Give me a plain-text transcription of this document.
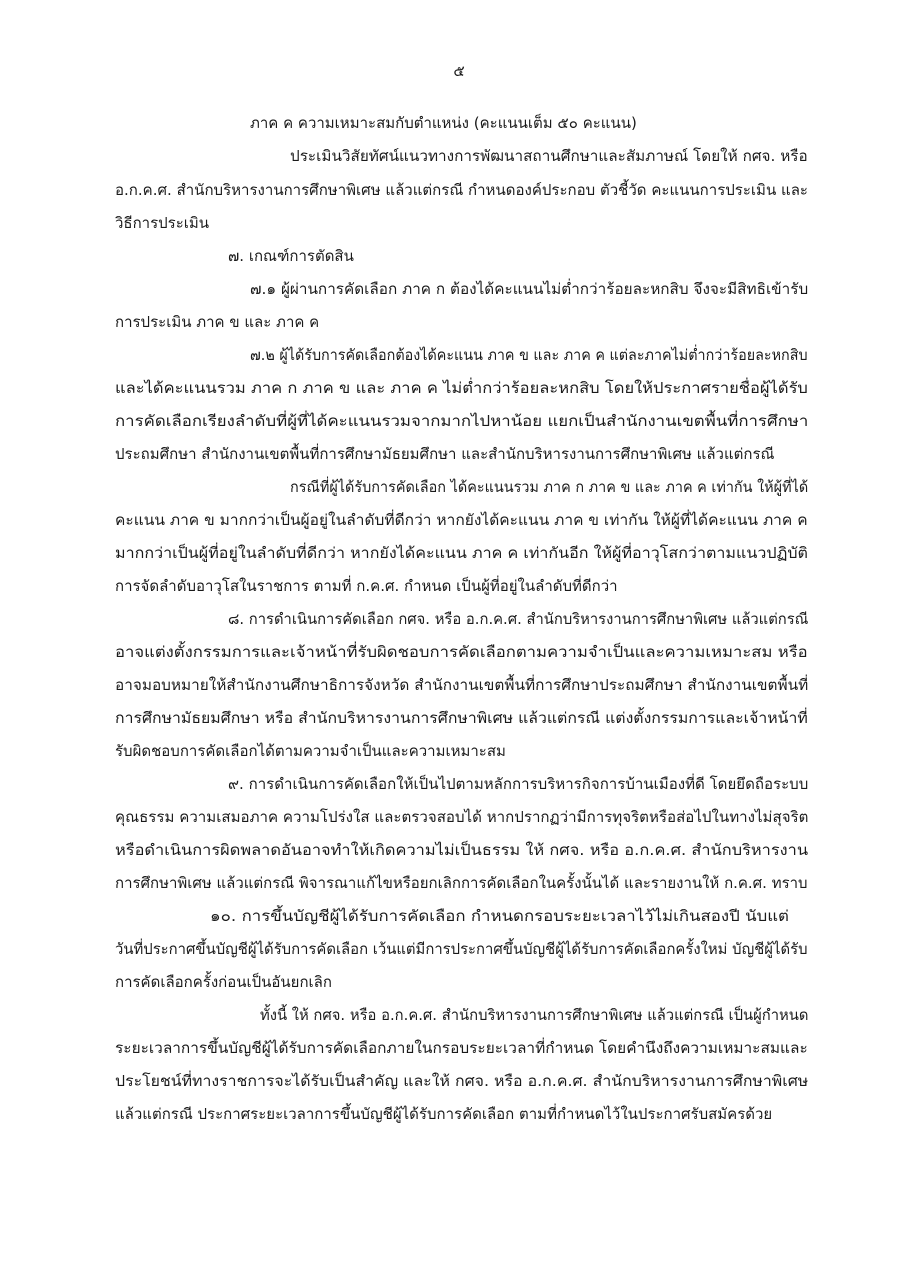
๕
ภาค ค ความเหมาะสมกับตำแหน่ง (คะแนนเต็ม ๕๐ คะแนน)
ประเมินวิสัยทัศน์แนวทางการพัฒนาสถานศึกษาและสัมภาษณ์ โดยให้ กศจ. หรือ
อ.ก.ค.ศ. สำนักบริหารงานการศึกษาพิเศษ แล้วแต่กรณี กำหนดองค์ประกอบ ตัวชี้วัด คะแนนการประเมิน และ
วิธีการประเมิน
๗. เกณฑ์การตัดสิน
๗.๑ ผู้ผ่านการคัดเลือก ภาค ก ต้องได้คะแนนไม่ต่ำกว่าร้อยละหกสิบ จึงจะมีสิทธิเข้ารับ
การประเมิน ภาค ข และ ภาค ค
๗.๒ ผู้ได้รับการคัดเลือกต้องได้คะแนน ภาค ข และ ภาค ค แต่ละภาคไม่ต่ำกว่าร้อยละหกสิบ
และได้คะแนนรวม ภาค ก ภาค ข และ ภาค ค ไม่ต่ำกว่าร้อยละหกสิบ โดยให้ประกาศรายชื่อผู้ได้รับ
การคัดเลือกเรียงลำดับที่ผู้ที่ได้คะแนนรวมจากมากไปหาน้อย แยกเป็นสำนักงานเขตพื้นที่การศึกษา
ประถมศึกษา สำนักงานเขตพื้นที่การศึกษามัธยมศึกษา และสำนักบริหารงานการศึกษาพิเศษ แล้วแต่กรณี
กรณีที่ผู้ได้รับการคัดเลือก ได้คะแนนรวม ภาค ก ภาค ข และ ภาค ค เท่ากัน ให้ผู้ที่ได้
คะแนน ภาค ข มากกว่าเป็นผู้อยู่ในลำดับที่ดีกว่า หากยังได้คะแนน ภาค ข เท่ากัน ให้ผู้ที่ได้คะแนน ภาค ค
มากกว่าเป็นผู้ที่อยู่ในลำดับที่ดีกว่า หากยังได้คะแนน ภาค ค เท่ากันอีก ให้ผู้ที่อาวุโสกว่าตามแนวปฏิบัติ
การจัดลำดับอาวุโสในราชการ ตามที่ ก.ค.ศ. กำหนด เป็นผู้ที่อยู่ในลำดับที่ดีกว่า
๘. การดำเนินการคัดเลือก กศจ. หรือ อ.ก.ค.ศ. สำนักบริหารงานการศึกษาพิเศษ แล้วแต่กรณี
อาจแต่งตั้งกรรมการและเจ้าหน้าที่รับผิดชอบการคัดเลือกตามความจำเป็นและความเหมาะสม หรือ
อาจมอบหมายให้สำนักงานศึกษาธิการจังหวัด สำนักงานเขตพื้นที่การศึกษาประถมศึกษา สำนักงานเขตพื้นที่
การศึกษามัธยมศึกษา หรือ สำนักบริหารงานการศึกษาพิเศษ แล้วแต่กรณี แต่งตั้งกรรมการและเจ้าหน้าที่
รับผิดชอบการคัดเลือกได้ตามความจำเป็นและความเหมาะสม
๙. การดำเนินการคัดเลือกให้เป็นไปตามหลักการบริหารกิจการบ้านเมืองที่ดี โดยยึดถือระบบ
คุณธรรม ความเสมอภาค ความโปร่งใส และตรวจสอบได้ หากปรากฏว่ามีการทุจริตหรือส่อไปในทางไม่สุจริต
หรือดำเนินการผิดพลาดอันอาจทำให้เกิดความไม่เป็นธรรม ให้ กศจ. หรือ อ.ก.ค.ศ. สำนักบริหารงาน
การศึกษาพิเศษ แล้วแต่กรณี พิจารณาแก้ไขหรือยกเลิกการคัดเลือกในครั้งนั้นได้ และรายงานให้ ก.ค.ศ. ทราบ
๑๐. การขึ้นบัญชีผู้ได้รับการคัดเลือก กำหนดกรอบระยะเวลาไว้ไม่เกินสองปี นับแต่
วันที่ประกาศขึ้นบัญชีผู้ได้รับการคัดเลือก เว้นแต่มีการประกาศขึ้นบัญชีผู้ได้รับการคัดเลือกครั้งใหม่ บัญชีผู้ได้รับ
การคัดเลือกครั้งก่อนเป็นอันยกเลิก
ทั้งนี้ ให้ กศจ. หรือ อ.ก.ค.ศ. สำนักบริหารงานการศึกษาพิเศษ แล้วแต่กรณี เป็นผู้กำหนด
ระยะเวลาการขึ้นบัญชีผู้ได้รับการคัดเลือกภายในกรอบระยะเวลาที่กำหนด โดยคำนึงถึงความเหมาะสมและ
ประโยชน์ที่ทางราชการจะได้รับเป็นสำคัญ และให้ กศจ. หรือ อ.ก.ค.ศ. สำนักบริหารงานการศึกษาพิเศษ
แล้วแต่กรณี ประกาศระยะเวลาการขึ้นบัญชีผู้ได้รับการคัดเลือก ตามที่กำหนดไว้ในประกาศรับสมัครด้วย
